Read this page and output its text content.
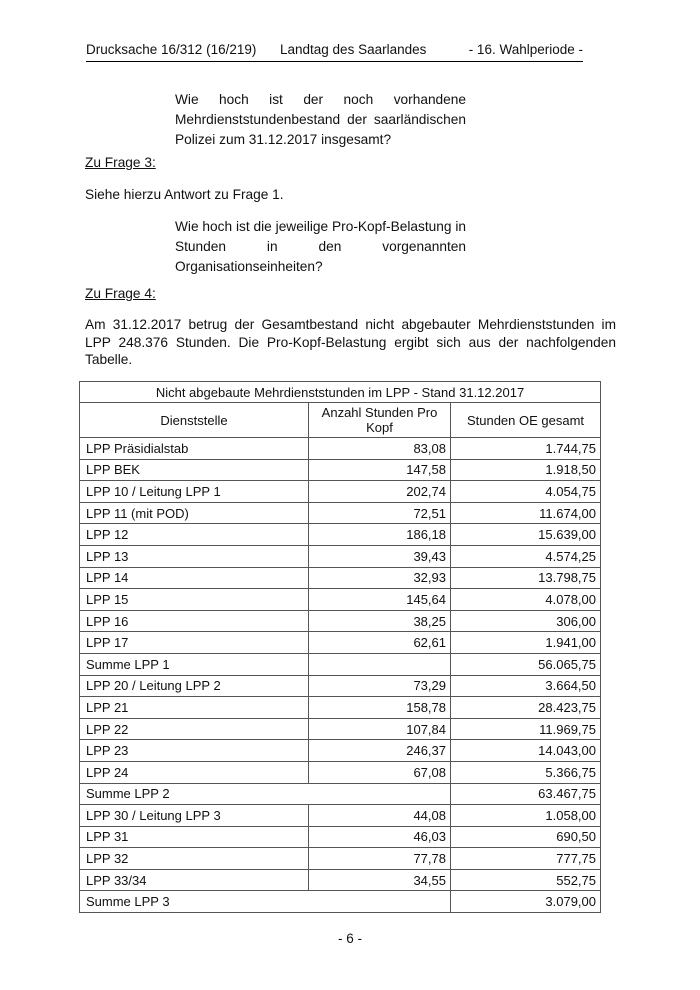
Drucksache 16/312 (16/219) Landtag des Saarlandes	- 16. Wahlperiode -
Wie hoch ist der noch vorhandene Mehrdienststundenbestand der saarländischen Polizei zum 31.12.2017 insgesamt?
Zu Frage 3:
Siehe hierzu Antwort zu Frage 1.
Wie hoch ist die jeweilige Pro-Kopf-Belastung in Stunden in den vorgenannten Organisationseinheiten?
Zu Frage 4:
Am 31.12.2017 betrug der Gesamtbestand nicht abgebauter Mehrdienststunden im LPP 248.376 Stunden. Die Pro-Kopf-Belastung ergibt sich aus der nachfolgenden Tabelle.
Nicht abgebaute Mehrdienststunden im LPP - Stand 31.12.2017		
Dienststelle	Anzahl Stunden Pro Kopf	Stunden OE gesamt
LPP Präsidialstab	83,08	1.744,75
LPP BEK	147,58	1.918,50
LPP 10 / Leitung LPP 1	202,74	4.054,75
LPP 11 (mit POD)	72,51	11.674,00
LPP 12	186,18	15.639,00
LPP 13	39,43	4.574,25
LPP 14	32,93	13.798,75
LPP 15	145,64	4.078,00
LPP 16	38,25	306,00
LPP 17	62,61	1.941,00
Summe LPP 1		56.065,75
LPP 20 / Leitung LPP 2	73,29	3.664,50
LPP 21	158,78	28.423,75
LPP 22	107,84	11.969,75
LPP 23	246,37	14.043,00
LPP 24	67,08	5.366,75
Summe LPP 2		63.467,75
LPP 30 / Leitung LPP 3	44,08	1.058,00
LPP 31	46,03	690,50
LPP 32	77,78	777,75
LPP 33/34	34,55	552,75
Summe LPP 3		3.079,00
- 6 -
